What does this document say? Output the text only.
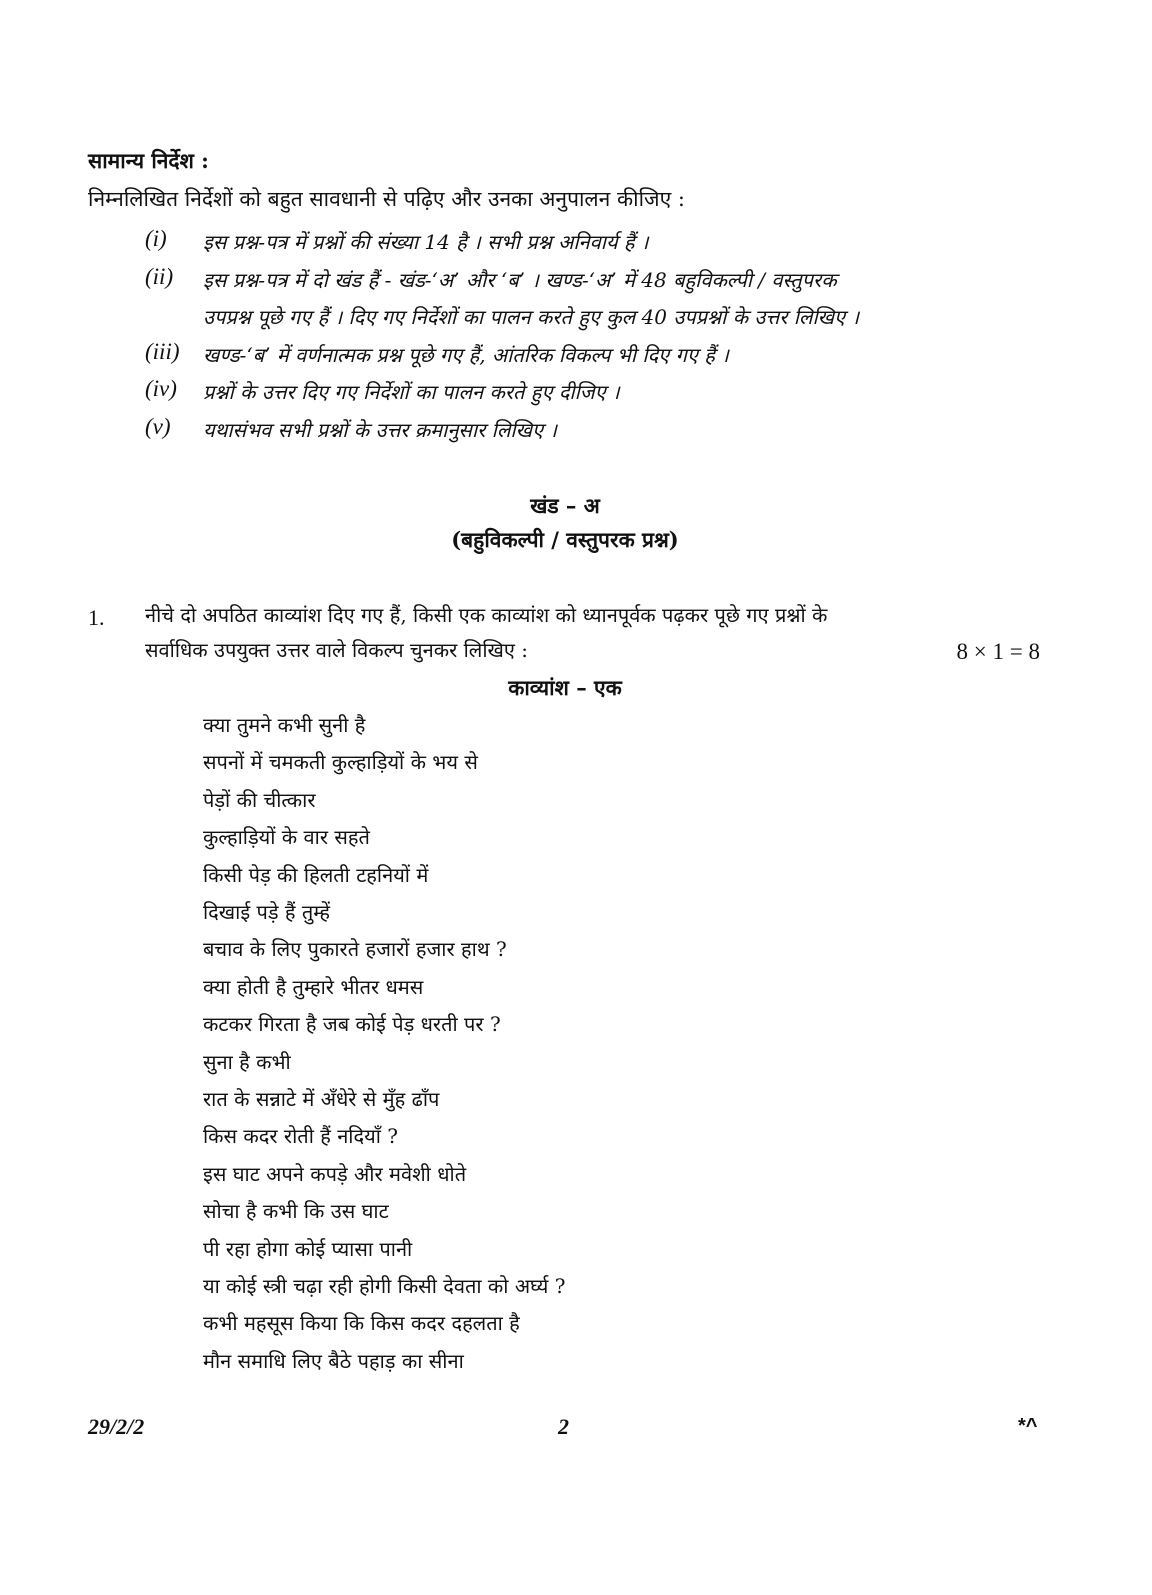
सामान्य निर्देश :
निम्नलिखित निर्देशों को बहुत सावधानी से पढ़िए और उनका अनुपालन कीजिए :
(i) इस प्रश्न-पत्र में प्रश्नों की संख्या 14 है । सभी प्रश्न अनिवार्य हैं ।
(ii) इस प्रश्न-पत्र में दो खंड हैं - खंड-‘अ’ और ‘ब’ । खण्ड-‘अ’ में 48 बहुविकल्पी / वस्तुपरक
उपप्रश्न पूछे गए हैं । दिए गए निर्देशों का पालन करते हुए कुल 40 उपप्रश्नों के उत्तर लिखिए ।
(iii) खण्ड-‘ब’ में वर्णनात्मक प्रश्न पूछे गए हैं, आंतरिक विकल्प भी दिए गए हैं ।
(iv) प्रश्नों के उत्तर दिए गए निर्देशों का पालन करते हुए दीजिए ।
(v) यथासंभव सभी प्रश्नों के उत्तर क्रमानुसार लिखिए ।
खंड – अ
(बहुविकल्पी / वस्तुपरक प्रश्न)
1. नीचे दो अपठित काव्यांश दिए गए हैं, किसी एक काव्यांश को ध्यानपूर्वक पढ़कर पूछे गए प्रश्नों के
सर्वाधिक उपयुक्त उत्तर वाले विकल्प चुनकर लिखिए :	8 × 1 = 8
काव्यांश – एक
क्या तुमने कभी सुनी है
सपनों में चमकती कुल्हाड़ियों के भय से
पेड़ों की चीत्कार
कुल्हाड़ियों के वार सहते
किसी पेड़ की हिलती टहनियों में
दिखाई पड़े हैं तुम्हें
बचाव के लिए पुकारते हजारों हजार हाथ ?
क्या होती है तुम्हारे भीतर धमस
कटकर गिरता है जब कोई पेड़ धरती पर ?
सुना है कभी
रात के सन्नाटे में अँधेरे से मुँह ढाँप
किस कदर रोती हैं नदियाँ ?
इस घाट अपने कपड़े और मवेशी धोते
सोचा है कभी कि उस घाट
पी रहा होगा कोई प्यासा पानी
या कोई स्त्री चढ़ा रही होगी किसी देवता को अर्घ्य ?
कभी महसूस किया कि किस कदर दहलता है
मौन समाधि लिए बैठे पहाड़ का सीना
29/2/2	2	*^
